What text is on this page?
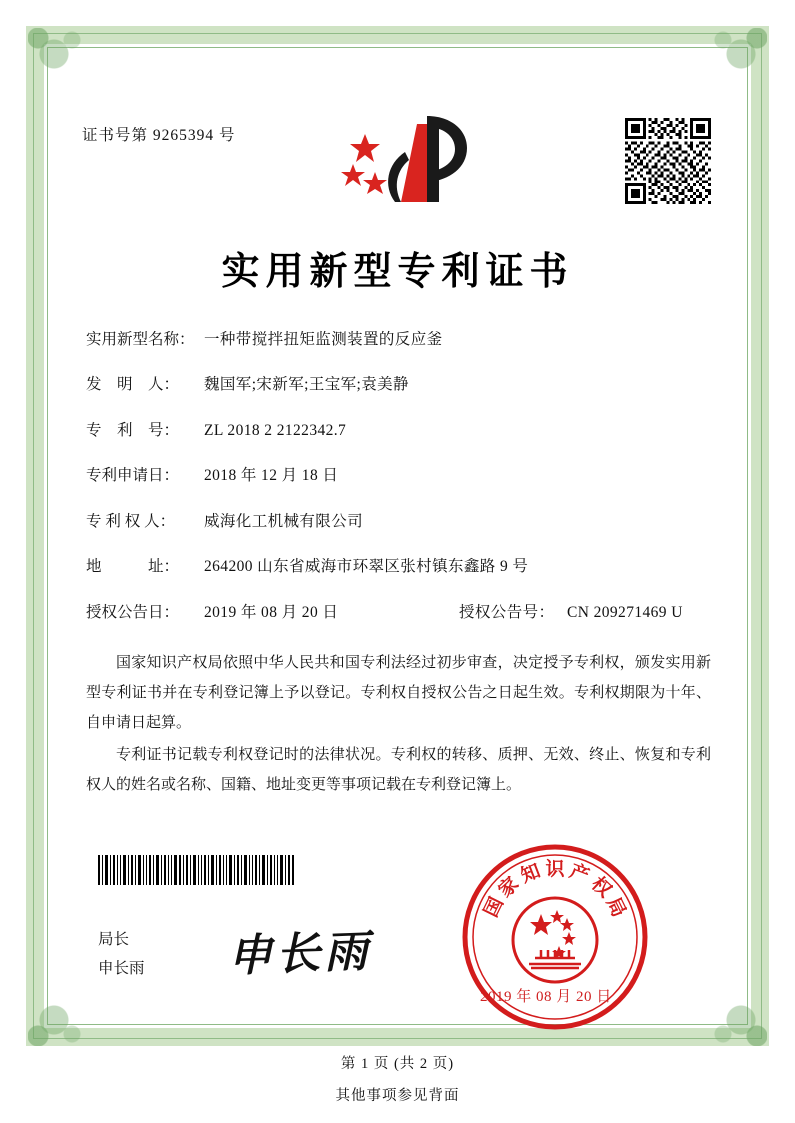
证书号第 9265394 号
实用新型专利证书
实用新型名称： 一种带搅拌扭矩监测装置的反应釜
发　明　人：	魏国军;宋新军;王宝军;袁美静
专　利　号：	ZL 2018 2 2122342.7
专利申请日：	2018 年 12 月 18 日
专 利 权 人：	威海化工机械有限公司
地　　　址：	264200 山东省威海市环翠区张村镇东鑫路 9 号
授权公告日：	2019 年 08 月 20 日	授权公告号： CN 209271469 U

国家知识产权局依照中华人民共和国专利法经过初步审查，决定授予专利权，颁发实用新型专利证书并在专利登记簿上予以登记。专利权自授权公告之日起生效。专利权期限为十年、自申请日起算。

专利证书记载专利权登记时的法律状况。专利权的转移、质押、无效、终止、恢复和专利权人的姓名或名称、国籍、地址变更等事项记载在专利登记簿上。

局长
申长雨 申长雨
国
家
知 识 产
权
局
2019 年 08 月 20 日
第 1 页 (共 2 页)
其他事项参见背面
